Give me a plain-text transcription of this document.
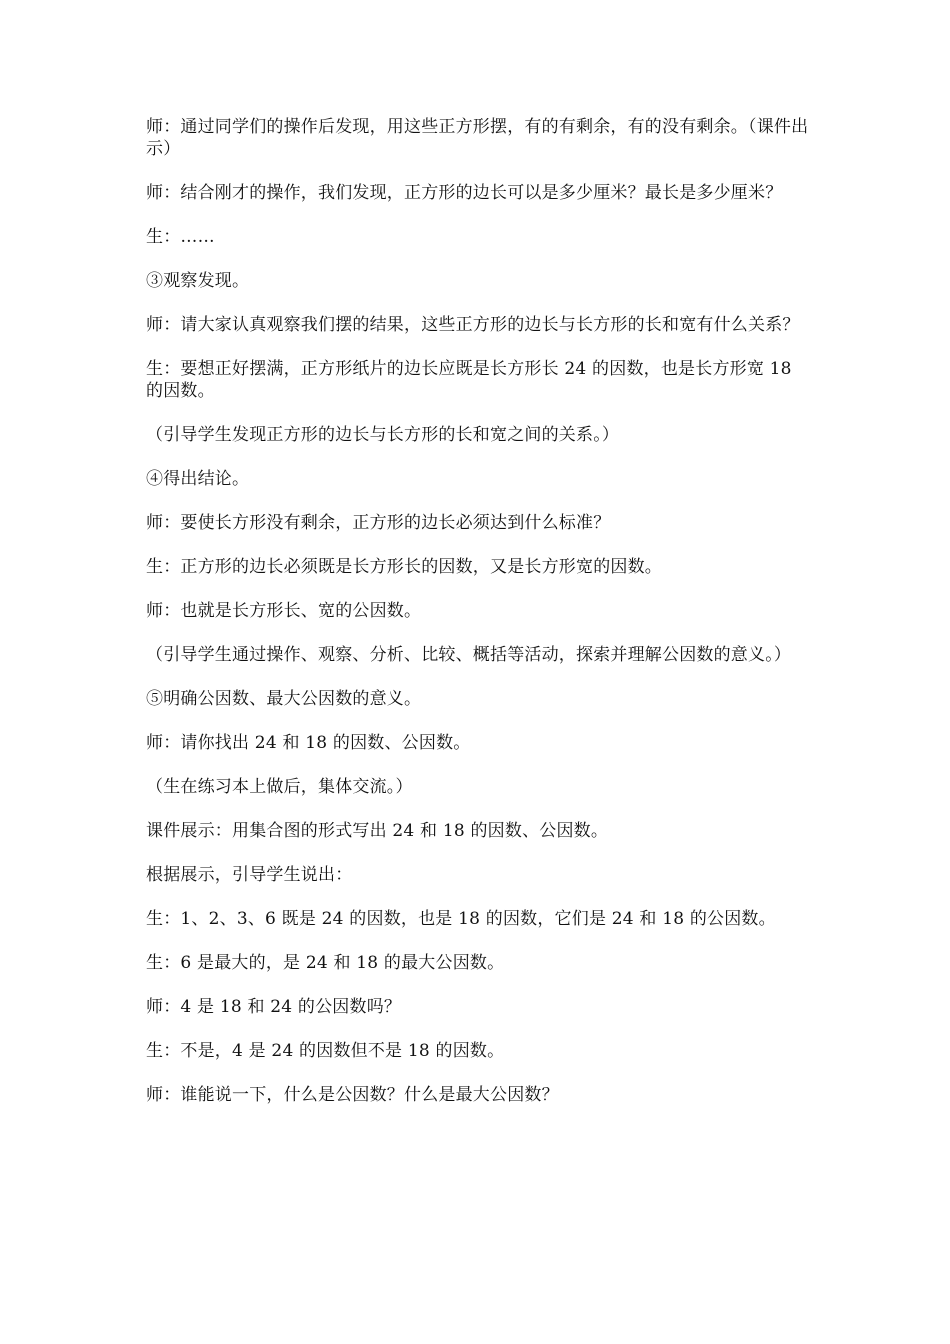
师：通过同学们的操作后发现，用这些正方形摆，有的有剩余，有的没有剩余。（课件出示）

师：结合刚才的操作，我们发现，正方形的边长可以是多少厘米？最长是多少厘米？

生：……

③观察发现。

师：请大家认真观察我们摆的结果，这些正方形的边长与长方形的长和宽有什么关系？

生：要想正好摆满，正方形纸片的边长应既是长方形长 24 的因数，也是长方形宽 18 的因数。

（引导学生发现正方形的边长与长方形的长和宽之间的关系。）

④得出结论。

师：要使长方形没有剩余，正方形的边长必须达到什么标准？

生：正方形的边长必须既是长方形长的因数，又是长方形宽的因数。

师：也就是长方形长、宽的公因数。

（引导学生通过操作、观察、分析、比较、概括等活动，探索并理解公因数的意义。）

⑤明确公因数、最大公因数的意义。

师：请你找出 24 和 18 的因数、公因数。

（生在练习本上做后，集体交流。）

课件展示：用集合图的形式写出 24 和 18 的因数、公因数。

根据展示，引导学生说出：

生：1、2、3、6 既是 24 的因数，也是 18 的因数，它们是 24 和 18 的公因数。

生：6 是最大的，是 24 和 18 的最大公因数。

师：4 是 18 和 24 的公因数吗？

生：不是，4 是 24 的因数但不是 18 的因数。

师：谁能说一下，什么是公因数？什么是最大公因数？
